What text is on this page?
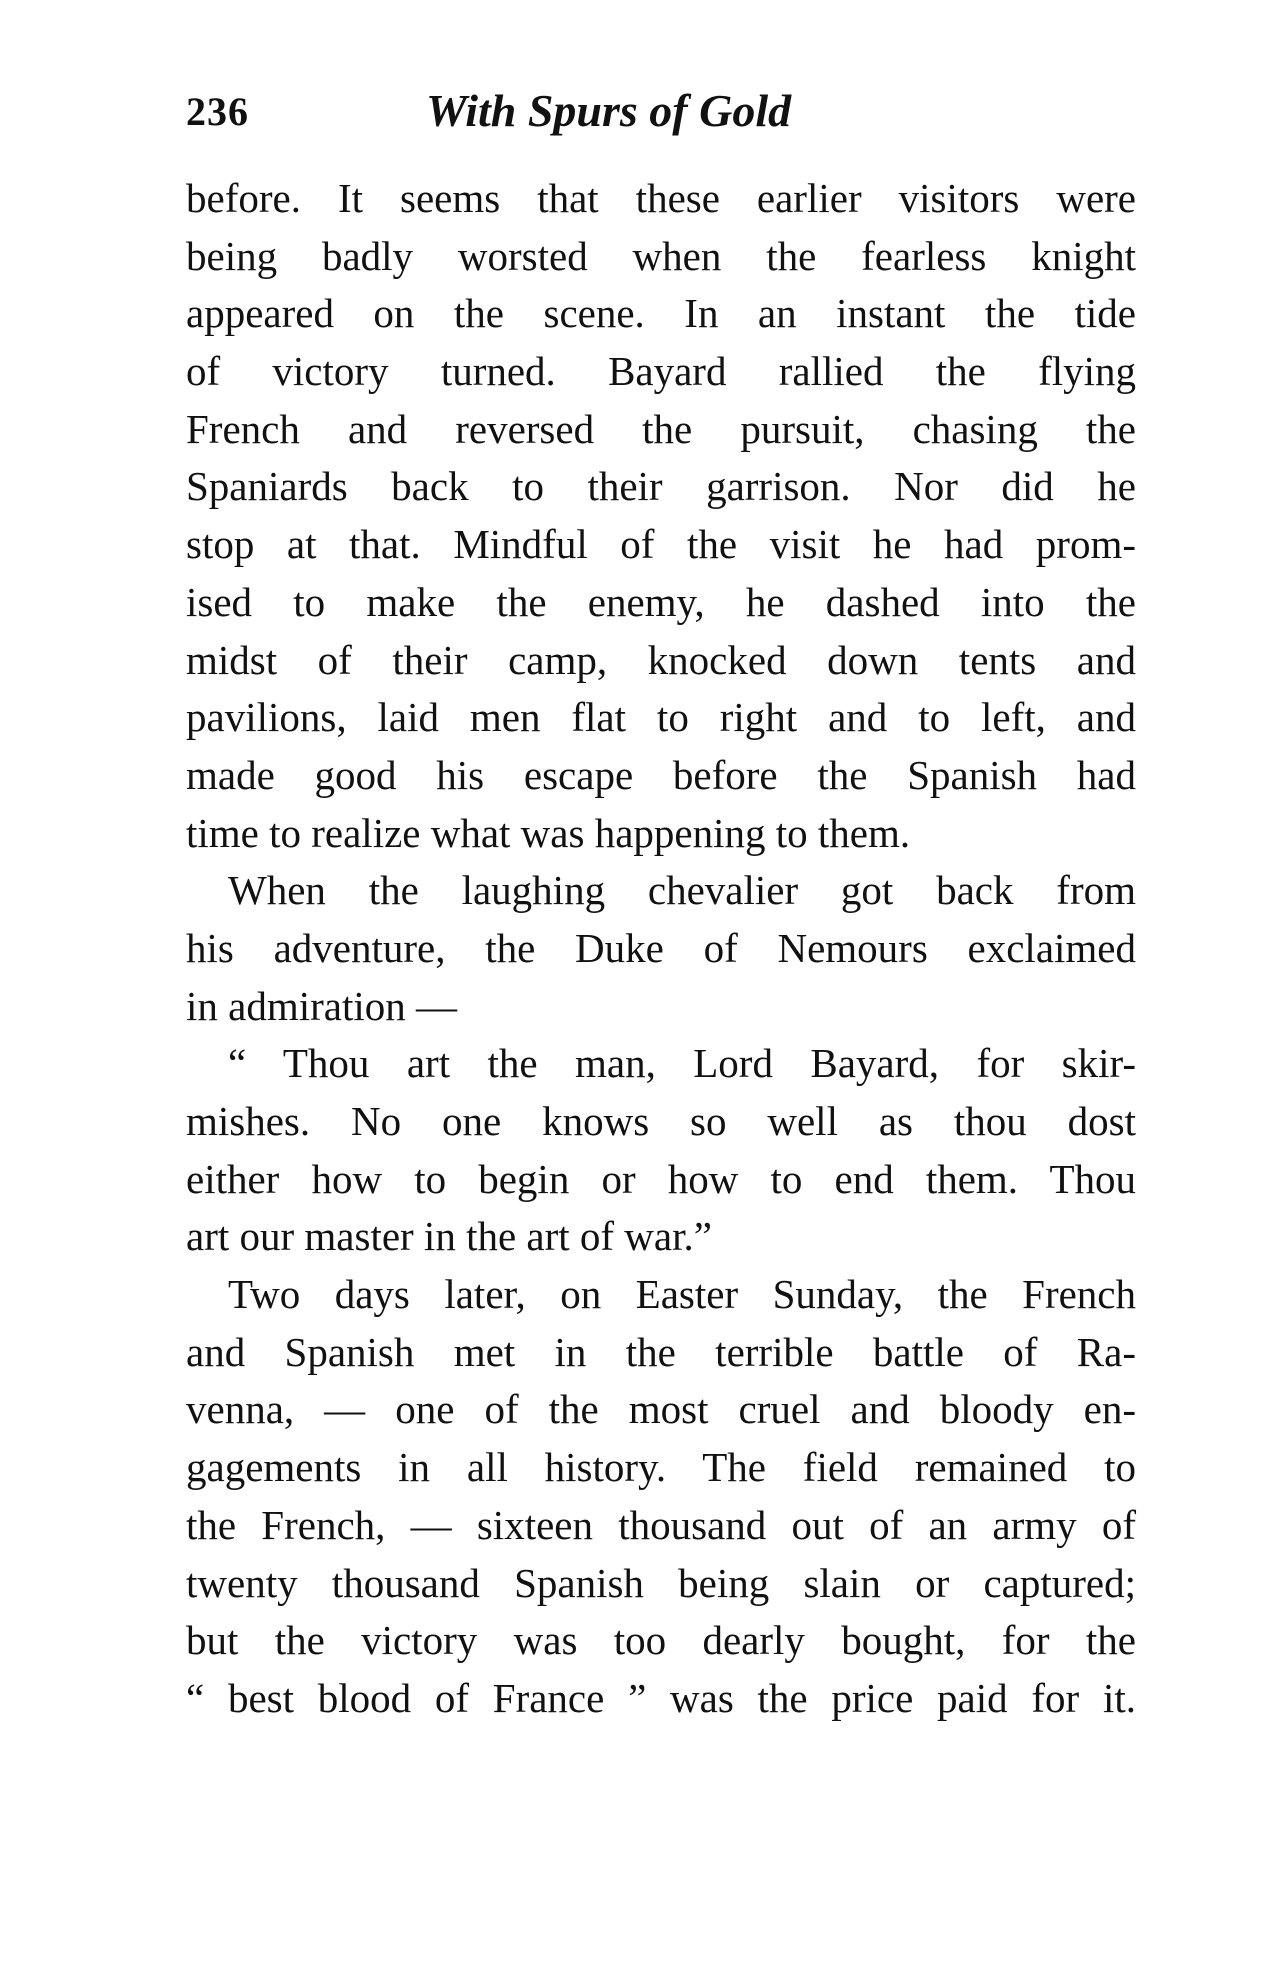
236	With Spurs of Gold
before. It seems that these earlier visitors were
being badly worsted when the fearless knight
appeared on the scene. In an instant the tide
of victory turned. Bayard rallied the flying
French and reversed the pursuit, chasing the
Spaniards back to their garrison. Nor did he
stop at that. Mindful of the visit he had prom-
ised to make the enemy, he dashed into the
midst of their camp, knocked down tents and
pavilions, laid men flat to right and to left, and
made good his escape before the Spanish had
time to realize what was happening to them.
When the laughing chevalier got back from
his adventure, the Duke of Nemours exclaimed
in admiration —
“ Thou art the man, Lord Bayard, for skir-
mishes. No one knows so well as thou dost
either how to begin or how to end them. Thou
art our master in the art of war.”
Two days later, on Easter Sunday, the French
and Spanish met in the terrible battle of Ra-
venna, — one of the most cruel and bloody en-
gagements in all history. The field remained to
the French, — sixteen thousand out of an army of
twenty thousand Spanish being slain or captured;
but the victory was too dearly bought, for the
“ best blood of France ” was the price paid for it.
